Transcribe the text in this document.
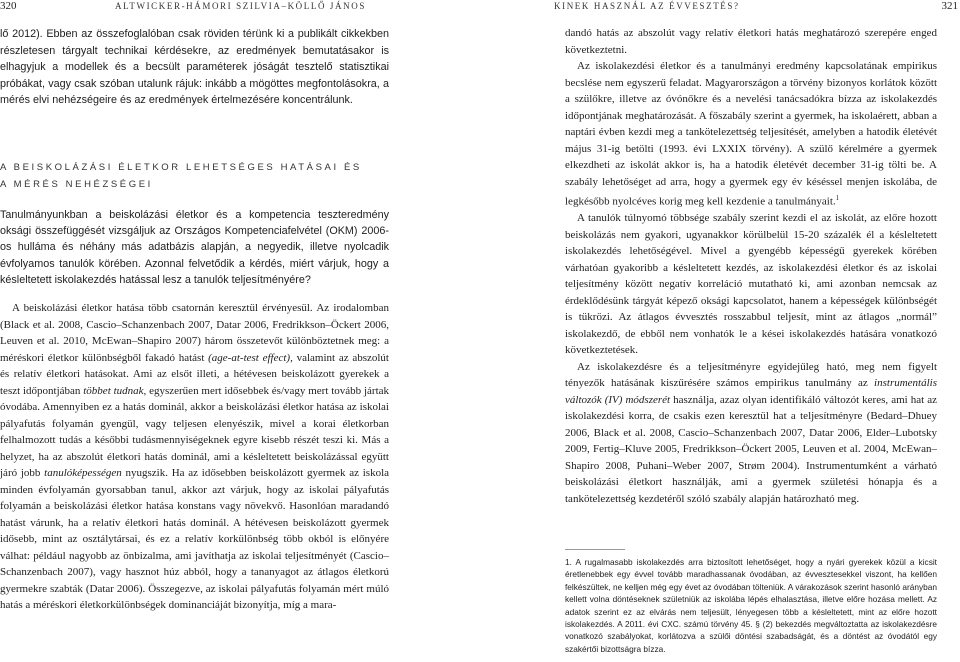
320	ALTWICKER-HÁMORI SZILVIA–KÖLLŐ JÁNOS

lő 2012). Ebben az összefoglalóban csak röviden térünk ki a publikált cikkekben részletesen tárgyalt technikai kérdésekre, az eredmények bemutatásakor is elhagyjuk a modellek és a becsült paraméterek jóságát tesztelő statisztikai próbákat, vagy csak szóban utalunk rájuk: inkább a mögöttes megfontolásokra, a mérés elvi nehézségeire és az eredmények értelmezésére koncentrálunk.

A BEISKOLÁZÁSI ÉLETKOR LEHETSÉGES HATÁSAI ÉS
A MÉRÉS NEHÉZSÉGEI

Tanulmányunkban a beiskolázási életkor és a kompetencia teszteredmény oksági összefüggését vizsgáljuk az Országos Kompetenciafelvétel (OKM) 2006-os hulláma és néhány más adatbázis alapján, a negyedik, illetve nyolcadik évfolyamos tanulók körében. Azonnal felvetődik a kérdés, miért várjuk, hogy a késleltetett iskolakezdés hatással lesz a tanulók teljesítményére?

A beiskolázási életkor hatása több csatornán keresztül érvényesül. Az irodalomban (Black et al. 2008, Cascio–Schanzenbach 2007, Datar 2006, Fredrikkson–Öckert 2006, Leuven et al. 2010, McEwan–Shapiro 2007) három összetevőt különböztetnek meg: a méréskori életkor különbségből fakadó hatást (age-at-test effect), valamint az abszolút és relatív életkori hatásokat. Ami az elsőt illeti, a hétévesen beiskolázott gyerekek a teszt időpontjában többet tudnak, egyszerűen mert idősebbek és/vagy mert tovább jártak óvodába. Amennyiben ez a hatás dominál, akkor a beiskolázási életkor hatása az iskolai pályafutás folyamán gyengül, vagy teljesen elenyészik, mivel a korai életkorban felhalmozott tudás a későbbi tudásmennyiségeknek egyre kisebb részét teszi ki. Más a helyzet, ha az abszolút életkori hatás dominál, ami a késleltetett beiskolázással együtt járó jobb tanulóképességen nyugszik. Ha az idősebben beiskolázott gyermek az iskola minden évfolyamán gyorsabban tanul, akkor azt várjuk, hogy az iskolai pályafutás folyamán a beiskolázási életkor hatása konstans vagy növekvő. Hasonlóan maradandó hatást várunk, ha a relatív életkori hatás dominál. A hétévesen beiskolázott gyermek idősebb, mint az osztálytársai, és ez a relatív korkülönbség több okból is előnyére válhat: például nagyobb az önbizalma, ami javíthatja az iskolai teljesítményét (Cascio–Schanzenbach 2007), vagy hasznot húz abból, hogy a tananyagot az átlagos életkorú gyermekre szabták (Datar 2006). Összegezve, az iskolai pályafutás folyamán mért múló hatás a méréskori életkorkülönbségek dominanciáját bizonyítja, míg a mara-

KINEK HASZNÁL AZ ÉVVESZTÉS?	321

dandó hatás az abszolút vagy relatív életkori hatás meghatározó szerepére enged következtetni.

Az iskolakezdési életkor és a tanulmányi eredmény kapcsolatának empirikus becslése nem egyszerű feladat. Magyarországon a törvény bizonyos korlátok között a szülőkre, illetve az óvónőkre és a nevelési tanácsadókra bízza az iskolakezdés időpontjának meghatározását. A főszabály szerint a gyermek, ha iskolaérett, abban a naptári évben kezdi meg a tankötelezettség teljesítését, amelyben a hatodik életévét május 31-ig betölti (1993. évi LXXIX törvény). A szülő kérelmére a gyermek elkezdheti az iskolát akkor is, ha a hatodik életévét december 31-ig tölti be. A szabály lehetőséget ad arra, hogy a gyermek egy év késéssel menjen iskolába, de legkésőbb nyolcéves korig meg kell kezdenie a tanulmányait.$^1$

A tanulók túlnyomó többsége szabály szerint kezdi el az iskolát, az előre hozott beiskolázás nem gyakori, ugyanakkor körülbelül 15-20 százalék él a késleltetett iskolakezdés lehetőségével. Mivel a gyengébb képességű gyerekek körében várhatóan gyakoribb a késleltetett kezdés, az iskolakezdési életkor és az iskolai teljesítmény között negatív korreláció mutatható ki, ami azonban nemcsak az érdeklődésünk tárgyát képező oksági kapcsolatot, hanem a képességek különbségét is tükrözi. Az átlagos évvesztés rosszabbul teljesít, mint az átlagos „normál” iskolakezdő, de ebből nem vonhatók le a kései iskolakezdés hatására vonatkozó következtetések.

Az iskolakezdésre és a teljesítményre egyidejűleg ható, meg nem figyelt tényezők hatásának kiszűrésére számos empirikus tanulmány az instrumentális változók (IV) módszerét használja, azaz olyan identifikáló változót keres, ami hat az iskolakezdési korra, de csakis ezen keresztül hat a teljesítményre (Bedard–Dhuey 2006, Black et al. 2008, Cascio–Schanzenbach 2007, Datar 2006, Elder–Lubotsky 2009, Fertig–Kluve 2005, Fredrikkson–Öckert 2005, Leuven et al. 2004, McEwan–Shapiro 2008, Puhani–Weber 2007, Strøm 2004). Instrumentumként a várható beiskolázási életkort használják, ami a gyermek születési hónapja és a tankötelezettség kezdetéről szóló szabály alapján határozható meg.

1. A rugalmasabb iskolakezdés arra biztosított lehetőséget, hogy a nyári gyerekek közül a kicsit éretlenebbek egy évvel tovább maradhassanak óvodában, az évvesztesekkel viszont, ha kellően felkészültek, ne kelljen még egy évet az óvodában tölteniük. A várakozások szerint hasonló arányban kellett volna döntéseknek születniük az iskolába lépés elhalasztása, illetve előre hozása mellett. Az adatok szerint ez az elvárás nem teljesült, lényegesen több a késleltetett, mint az előre hozott iskolakezdés. A 2011. évi CXC. számú törvény 45. § (2) bekezdés megváltoztatta az iskolakezdésre vonatkozó szabályokat, korlátozva a szülői döntési szabadságát, és a döntést az óvodától egy szakértői bizottságra bízza.
